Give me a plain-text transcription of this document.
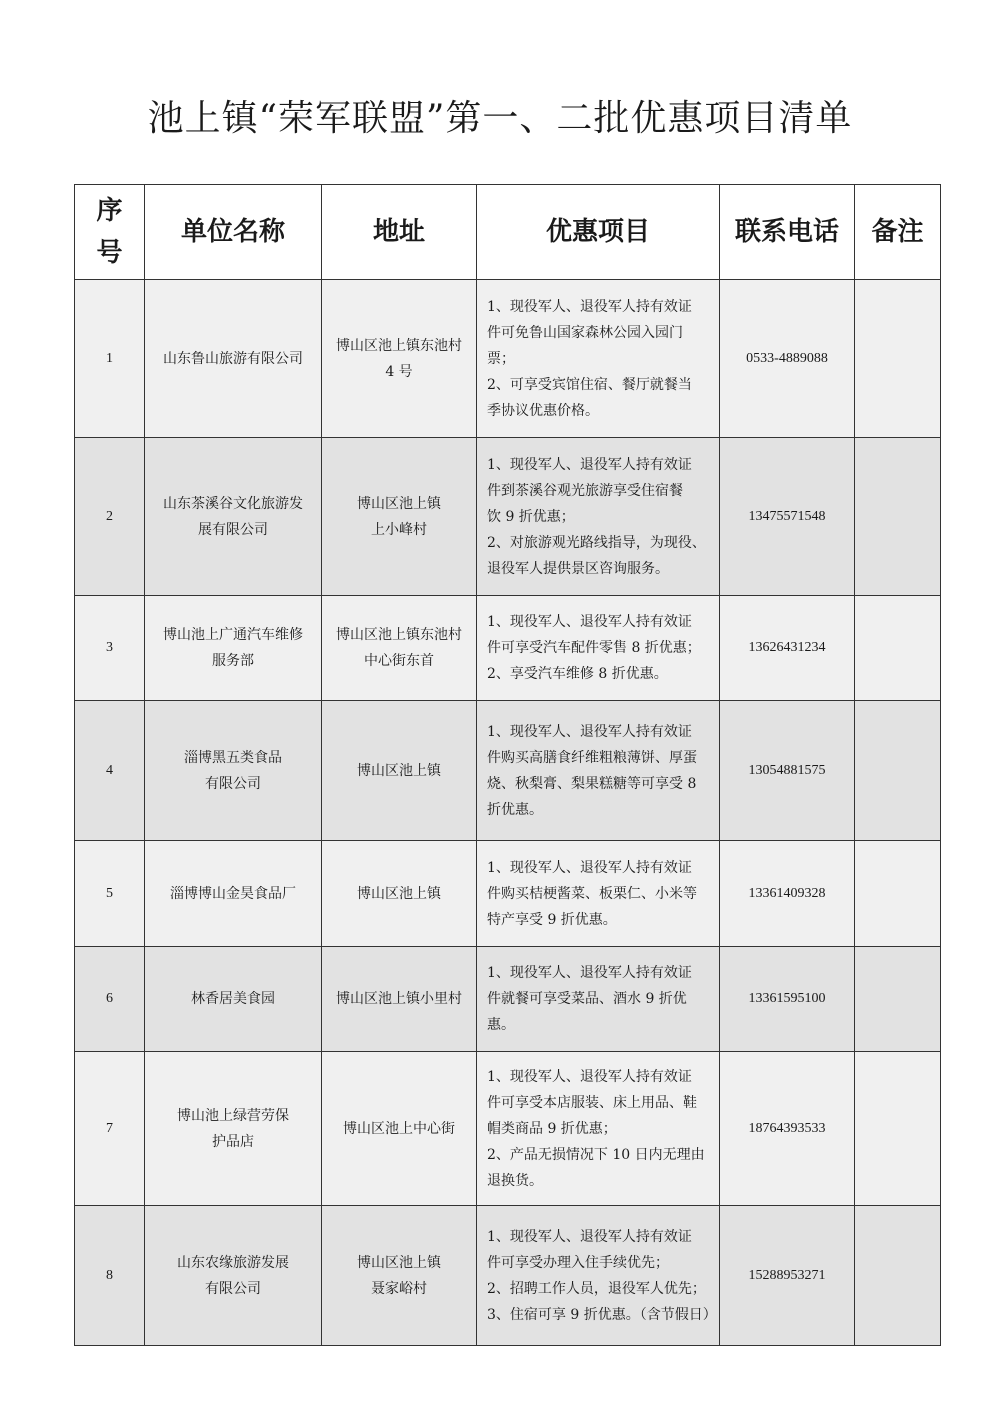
池上镇“荣军联盟”第一、二批优惠项目清单
序
号	单位名称	地址	优惠项目	联系电话	备注
1	山东鲁山旅游有限公司	博山区池上镇东池村
4 号	1、现役军人、退役军人持有效证
件可免鲁山国家森林公园入园门
票；
2、可享受宾馆住宿、餐厅就餐当
季协议优惠价格。	0533-4889088	
2	山东茶溪谷文化旅游发
展有限公司	博山区池上镇
上小峰村	1、现役军人、退役军人持有效证
件到茶溪谷观光旅游享受住宿餐
饮 9 折优惠；
2、对旅游观光路线指导，为现役、
退役军人提供景区咨询服务。	13475571548	
3	博山池上广通汽车维修
服务部	博山区池上镇东池村
中心街东首	1、现役军人、退役军人持有效证
件可享受汽车配件零售 8 折优惠；
2、享受汽车维修 8 折优惠。	13626431234	
4	淄博黑五类食品
有限公司	博山区池上镇	1、现役军人、退役军人持有效证
件购买高膳食纤维粗粮薄饼、厚蛋
烧、秋梨膏、梨果糕糖等可享受 8
折优惠。	13054881575	
5	淄博博山金昊食品厂	博山区池上镇	1、现役军人、退役军人持有效证
件购买桔梗酱菜、板栗仁、小米等
特产享受 9 折优惠。	13361409328	
6	林香居美食园	博山区池上镇小里村	1、现役军人、退役军人持有效证
件就餐可享受菜品、酒水 9 折优惠。	13361595100	
7	博山池上绿营劳保
护品店	博山区池上中心街	1、现役军人、退役军人持有效证
件可享受本店服装、床上用品、鞋
帽类商品 9 折优惠；
2、产品无损情况下 10 日内无理由
退换货。	18764393533	
8	山东农缘旅游发展
有限公司	博山区池上镇
聂家峪村	1、现役军人、退役军人持有效证
件可享受办理入住手续优先；
2、招聘工作人员，退役军人优先；
3、住宿可享 9 折优惠。（含节假日）	15288953271	
